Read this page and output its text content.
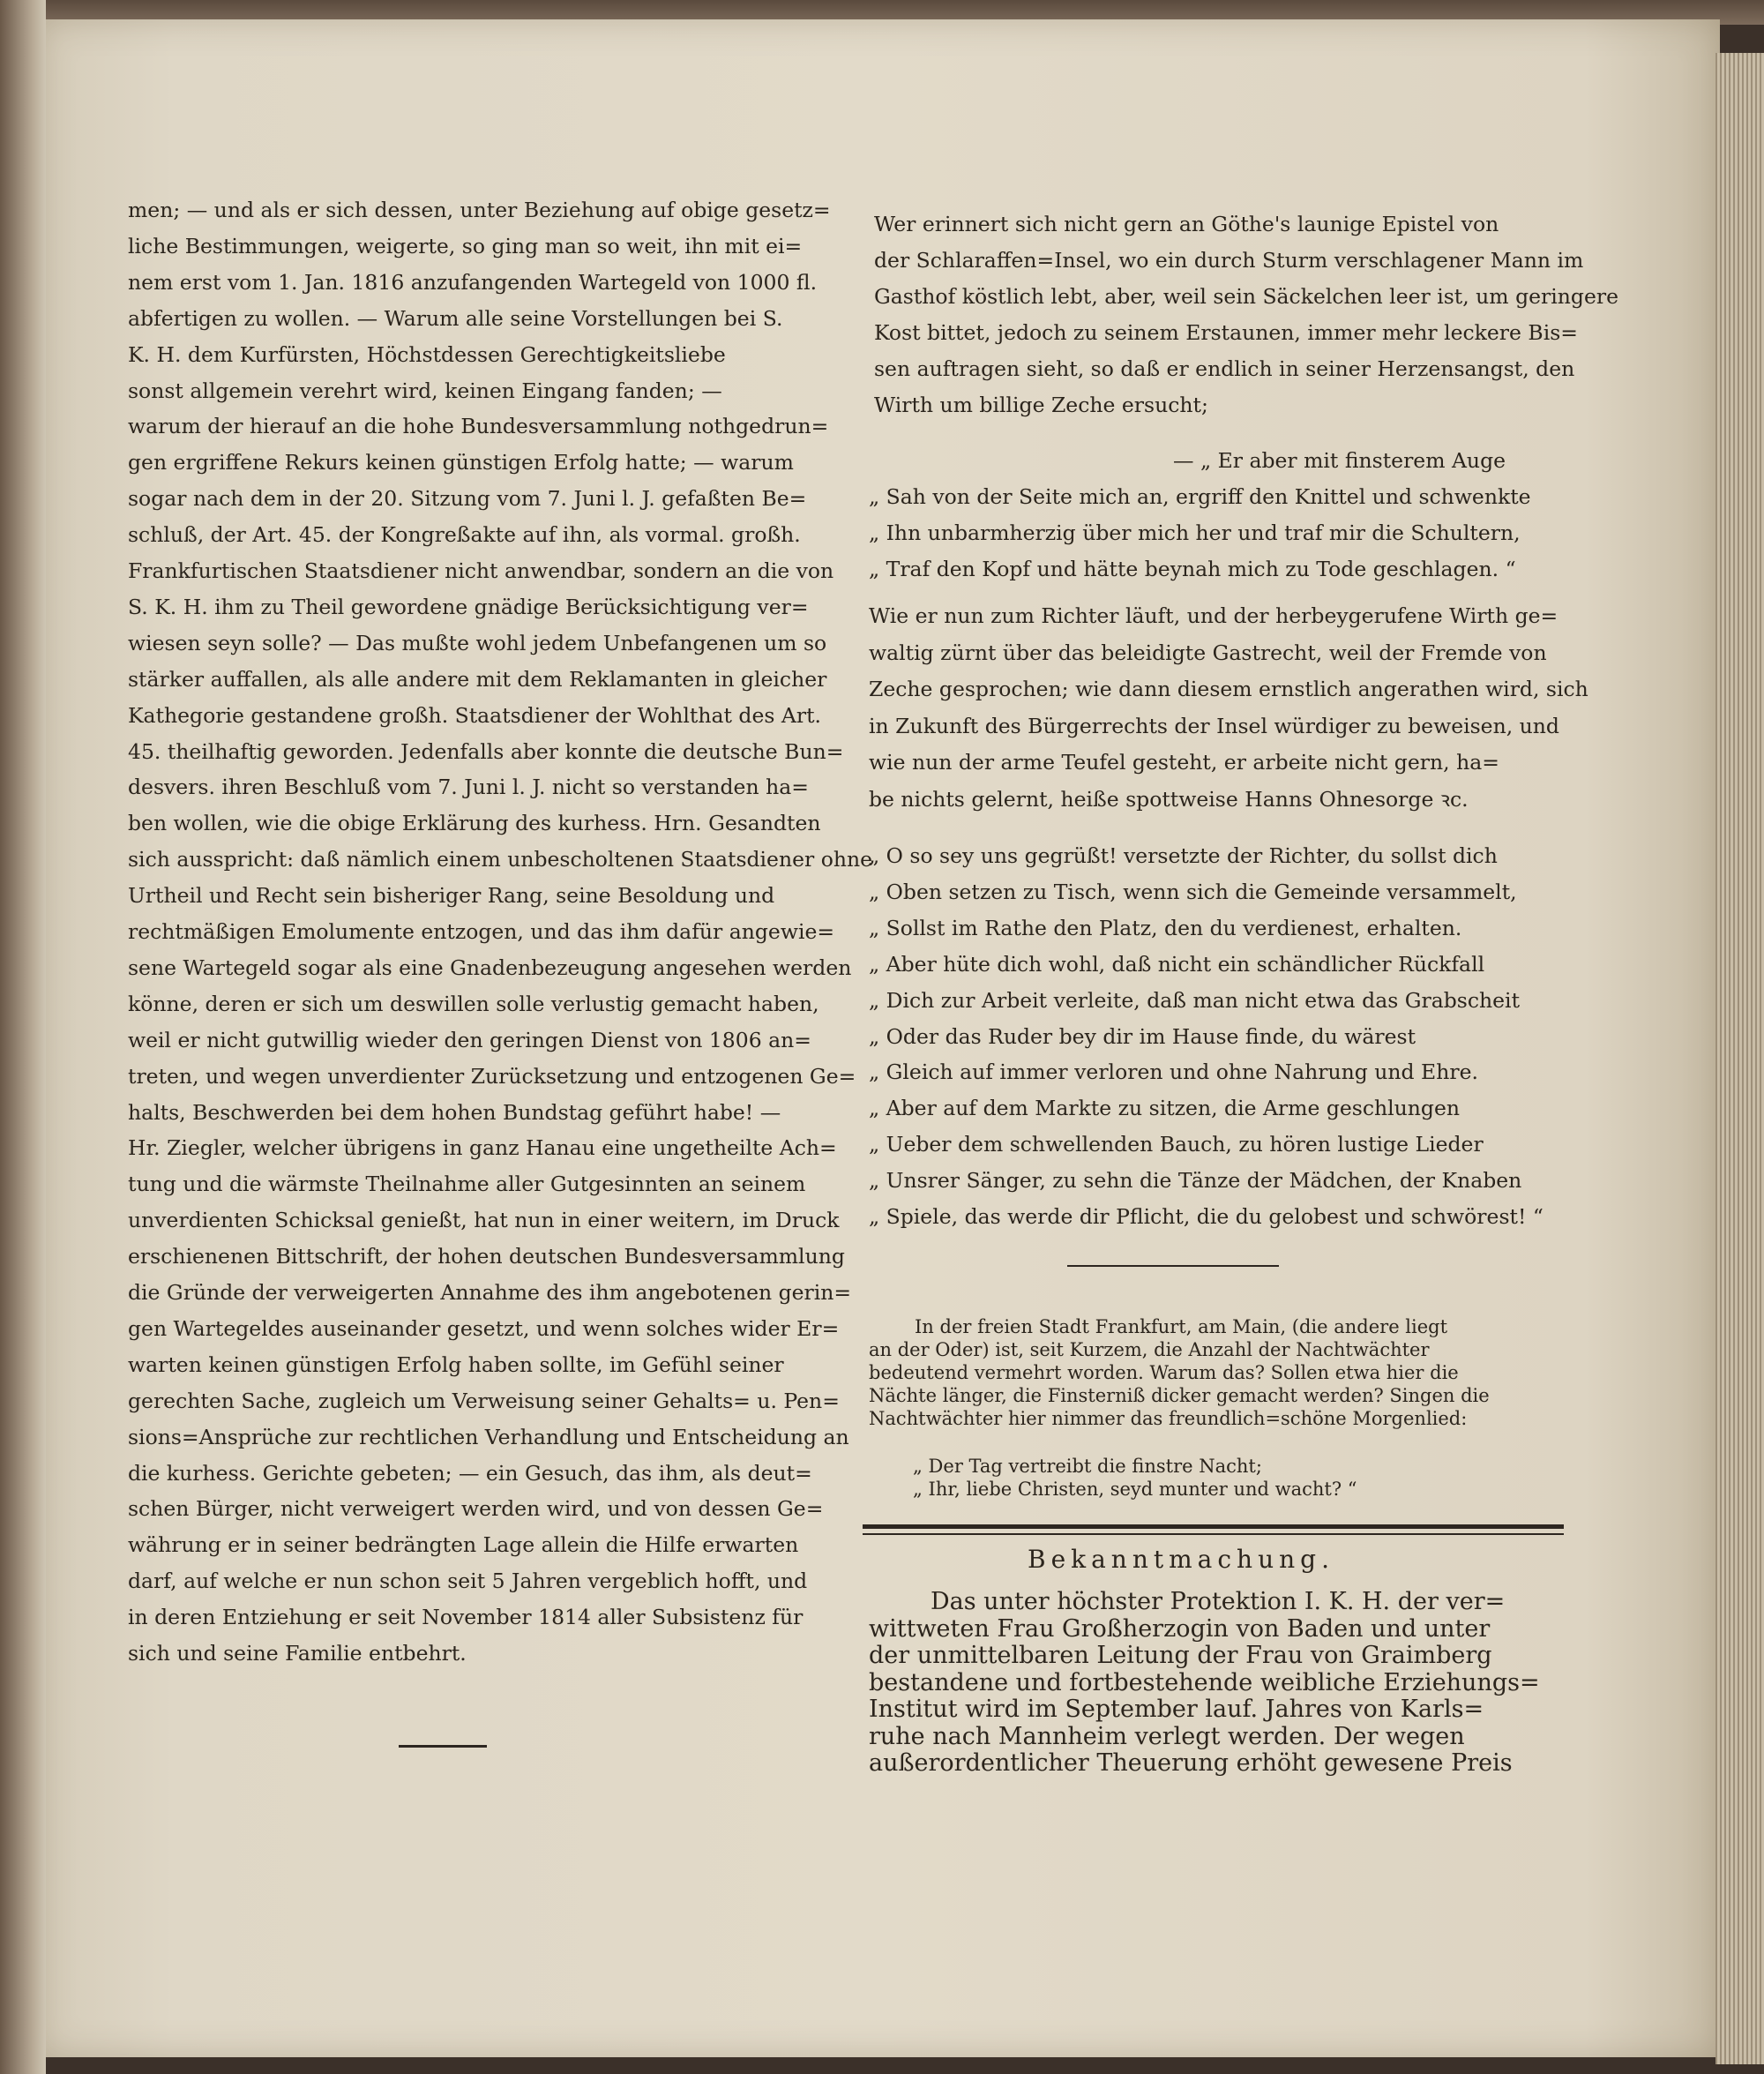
men; — und als er sich dessen, unter Beziehung auf obige gesetz=
liche Bestimmungen, weigerte, so ging man so weit, ihn mit ei=
nem erst vom 1. Jan. 1816 anzufangenden Wartegeld von 1000 fl.
abfertigen zu wollen. — Warum alle seine Vorstellungen bei S.
K. H. dem Kurfürsten, Höchstdessen Gerechtigkeitsliebe
sonst allgemein verehrt wird, keinen Eingang fanden; —
warum der hierauf an die hohe Bundesversammlung nothgedrun=
gen ergriffene Rekurs keinen günstigen Erfolg hatte; — warum
sogar nach dem in der 20. Sitzung vom 7. Juni l. J. gefaßten Be=
schluß, der Art. 45. der Kongreßakte auf ihn, als vormal. großh.
Frankfurtischen Staatsdiener nicht anwendbar, sondern an die von
S. K. H. ihm zu Theil gewordene gnädige Berücksichtigung ver=
wiesen seyn solle? — Das mußte wohl jedem Unbefangenen um so
stärker auffallen, als alle andere mit dem Reklamanten in gleicher
Kathegorie gestandene großh. Staatsdiener der Wohlthat des Art.
45. theilhaftig geworden. Jedenfalls aber konnte die deutsche Bun=
desvers. ihren Beschluß vom 7. Juni l. J. nicht so verstanden ha=
ben wollen, wie die obige Erklärung des kurhess. Hrn. Gesandten
sich ausspricht: daß nämlich einem unbescholtenen Staatsdiener ohne
Urtheil und Recht sein bisheriger Rang, seine Besoldung und
rechtmäßigen Emolumente entzogen, und das ihm dafür angewie=
sene Wartegeld sogar als eine Gnadenbezeugung angesehen werden
könne, deren er sich um deswillen solle verlustig gemacht haben,
weil er nicht gutwillig wieder den geringen Dienst von 1806 an=
treten, und wegen unverdienter Zurücksetzung und entzogenen Ge=
halts, Beschwerden bei dem hohen Bundstag geführt habe! —
Hr. Ziegler, welcher übrigens in ganz Hanau eine ungetheilte Ach=
tung und die wärmste Theilnahme aller Gutgesinnten an seinem
unverdienten Schicksal genießt, hat nun in einer weitern, im Druck
erschienenen Bittschrift, der hohen deutschen Bundesversammlung
die Gründe der verweigerten Annahme des ihm angebotenen gerin=
gen Wartegeldes auseinander gesetzt, und wenn solches wider Er=
warten keinen günstigen Erfolg haben sollte, im Gefühl seiner
gerechten Sache, zugleich um Verweisung seiner Gehalts= u. Pen=
sions=Ansprüche zur rechtlichen Verhandlung und Entscheidung an
die kurhess. Gerichte gebeten; — ein Gesuch, das ihm, als deut=
schen Bürger, nicht verweigert werden wird, und von dessen Ge=
währung er in seiner bedrängten Lage allein die Hilfe erwarten
darf, auf welche er nun schon seit 5 Jahren vergeblich hofft, und
in deren Entziehung er seit November 1814 aller Subsistenz für
sich und seine Familie entbehrt.
Wer erinnert sich nicht gern an Göthe's launige Epistel von
der Schlaraffen=Insel, wo ein durch Sturm verschlagener Mann im
Gasthof köstlich lebt, aber, weil sein Säckelchen leer ist, um geringere
Kost bittet, jedoch zu seinem Erstaunen, immer mehr leckere Bis=
sen auftragen sieht, so daß er endlich in seiner Herzensangst, den
Wirth um billige Zeche ersucht;
— „ Er aber mit finsterem Auge
„ Sah von der Seite mich an, ergriff den Knittel und schwenkte
„ Ihn unbarmherzig über mich her und traf mir die Schultern,
„ Traf den Kopf und hätte beynah mich zu Tode geschlagen. “
Wie er nun zum Richter läuft, und der herbeygerufene Wirth ge=
waltig zürnt über das beleidigte Gastrecht, weil der Fremde von
Zeche gesprochen; wie dann diesem ernstlich angerathen wird, sich
in Zukunft des Bürgerrechts der Insel würdiger zu beweisen, und
wie nun der arme Teufel gesteht, er arbeite nicht gern, ha=
be nichts gelernt, heiße spottweise Hanns Ohnesorge ꝛc.
„ O so sey uns gegrüßt! versetzte der Richter, du sollst dich
„ Oben setzen zu Tisch, wenn sich die Gemeinde versammelt,
„ Sollst im Rathe den Platz, den du verdienest, erhalten.
„ Aber hüte dich wohl, daß nicht ein schändlicher Rückfall
„ Dich zur Arbeit verleite, daß man nicht etwa das Grabscheit
„ Oder das Ruder bey dir im Hause finde, du wärest
„ Gleich auf immer verloren und ohne Nahrung und Ehre.
„ Aber auf dem Markte zu sitzen, die Arme geschlungen
„ Ueber dem schwellenden Bauch, zu hören lustige Lieder
„ Unsrer Sänger, zu sehn die Tänze der Mädchen, der Knaben
„ Spiele, das werde dir Pflicht, die du gelobest und schwörest! “
In der freien Stadt Frankfurt, am Main, (die andere liegt
an der Oder) ist, seit Kurzem, die Anzahl der Nachtwächter
bedeutend vermehrt worden. Warum das? Sollen etwa hier die
Nächte länger, die Finsterniß dicker gemacht werden? Singen die
Nachtwächter hier nimmer das freundlich=schöne Morgenlied:
„ Der Tag vertreibt die finstre Nacht;
„ Ihr, liebe Christen, seyd munter und wacht? “
Bekanntmachung.
Das unter höchster Protektion I. K. H. der ver=
wittweten Frau Großherzogin von Baden und unter
der unmittelbaren Leitung der Frau von Graimberg
bestandene und fortbestehende weibliche Erziehungs=
Institut wird im September lauf. Jahres von Karls=
ruhe nach Mannheim verlegt werden. Der wegen
außerordentlicher Theuerung erhöht gewesene Preis
